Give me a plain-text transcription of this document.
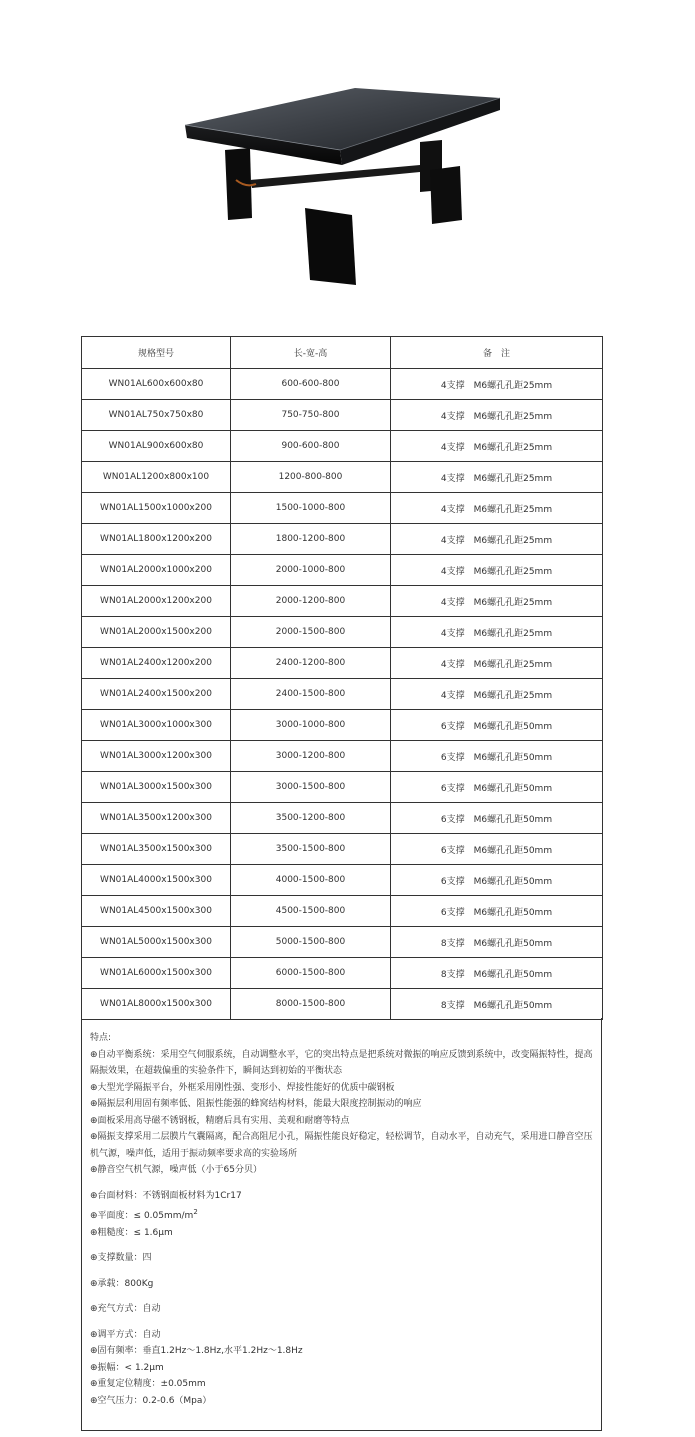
规格型号	长-宽-高	备　注
WN01AL600x600x80	600-600-800	4支撑　M6螺孔孔距25mm
WN01AL750x750x80	750-750-800	4支撑　M6螺孔孔距25mm
WN01AL900x600x80	900-600-800	4支撑　M6螺孔孔距25mm
WN01AL1200x800x100	1200-800-800	4支撑　M6螺孔孔距25mm
WN01AL1500x1000x200	1500-1000-800	4支撑　M6螺孔孔距25mm
WN01AL1800x1200x200	1800-1200-800	4支撑　M6螺孔孔距25mm
WN01AL2000x1000x200	2000-1000-800	4支撑　M6螺孔孔距25mm
WN01AL2000x1200x200	2000-1200-800	4支撑　M6螺孔孔距25mm
WN01AL2000x1500x200	2000-1500-800	4支撑　M6螺孔孔距25mm
WN01AL2400x1200x200	2400-1200-800	4支撑　M6螺孔孔距25mm
WN01AL2400x1500x200	2400-1500-800	4支撑　M6螺孔孔距25mm
WN01AL3000x1000x300	3000-1000-800	6支撑　M6螺孔孔距50mm
WN01AL3000x1200x300	3000-1200-800	6支撑　M6螺孔孔距50mm
WN01AL3000x1500x300	3000-1500-800	6支撑　M6螺孔孔距50mm
WN01AL3500x1200x300	3500-1200-800	6支撑　M6螺孔孔距50mm
WN01AL3500x1500x300	3500-1500-800	6支撑　M6螺孔孔距50mm
WN01AL4000x1500x300	4000-1500-800	6支撑　M6螺孔孔距50mm
WN01AL4500x1500x300	4500-1500-800	6支撑　M6螺孔孔距50mm
WN01AL5000x1500x300	5000-1500-800	8支撑　M6螺孔孔距50mm
WN01AL6000x1500x300	6000-1500-800	8支撑　M6螺孔孔距50mm
WN01AL8000x1500x300	8000-1500-800	8支撑　M6螺孔孔距50mm

特点:

⊕自动平衡系统：采用空气伺服系统，自动调整水平，它的突出特点是把系统对微振的响应反馈到系统中，改变隔振特性，提高隔振效果，在超载偏重的实验条件下，瞬间达到初始的平衡状态

⊕大型光学隔振平台，外框采用刚性强、变形小、焊接性能好的优质中碳钢板

⊕隔振层利用固有频率低、阻振性能强的蜂窝结构材料，能最大限度控制振动的响应

⊕面板采用高导磁不锈钢板，精磨后具有实用、美观和耐磨等特点

⊕隔振支撑采用二层膜片气囊隔离，配合高阻尼小孔，隔振性能良好稳定，轻松调节，自动水平，自动充气，采用进口静音空压机气源，噪声低，适用于振动频率要求高的实验场所

⊕静音空气机气源，噪声低（小于65分贝）

⊕台面材料：不锈钢面板材料为1Cr17

⊕平面度：≤ $0.05mm/m^2$

⊕粗糙度：≤ 1.6μm

⊕支撑数量：四

⊕承载：800Kg

⊕充气方式：自动

⊕调平方式：自动

⊕固有频率：垂直1.2Hz～1.8Hz,水平1.2Hz～1.8Hz

⊕振幅：< 1.2μm

⊕重复定位精度：±0.05mm

⊕空气压力：0.2-0.6（Mpa）
